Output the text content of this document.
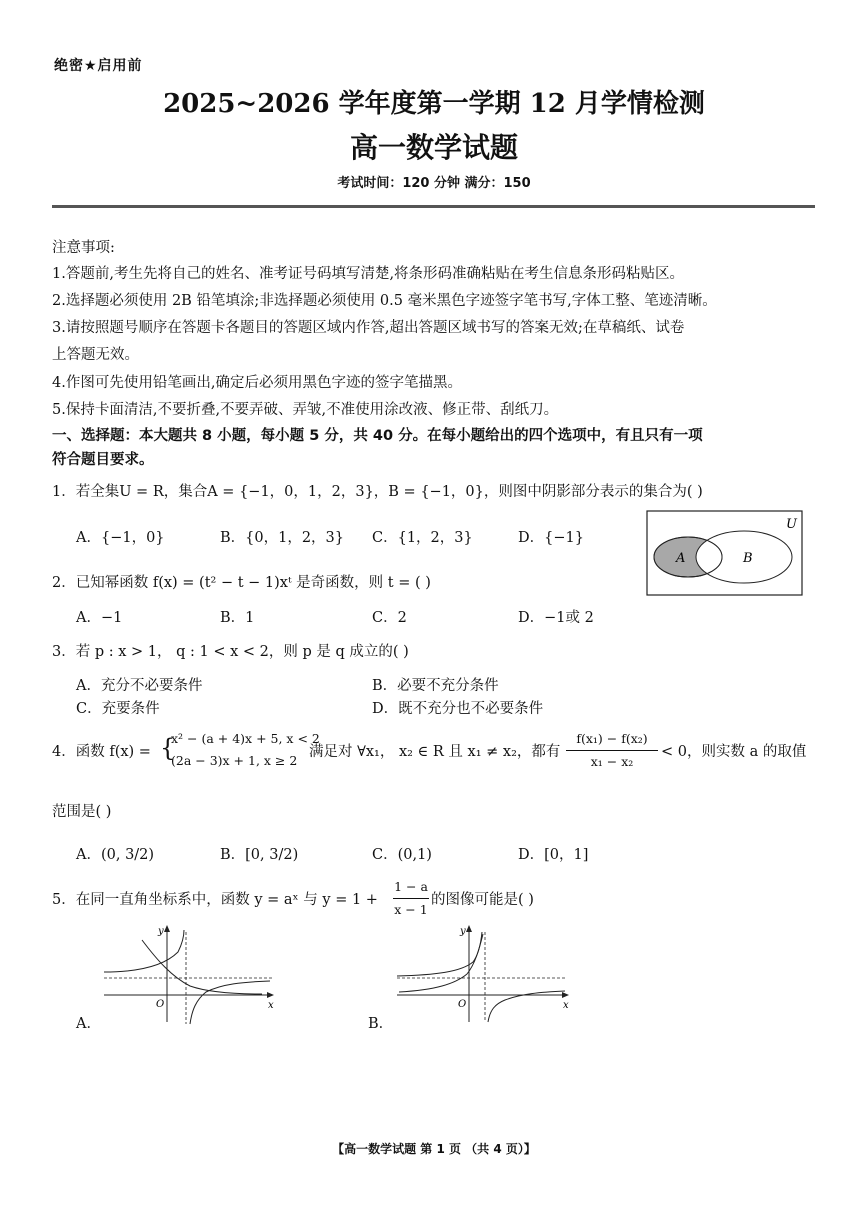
绝密★启用前
2025~2026 学年度第一学期 12 月学情检测
高一数学试题
考试时间：120 分钟 满分：150
注意事项:
1.答题前,考生先将自己的姓名、准考证号码填写清楚,将条形码准确粘贴在考生信息条形码粘贴区。
2.选择题必须使用 2B 铅笔填涂;非选择题必须使用 0.5 毫米黑色字迹签字笔书写,字体工整、笔迹清晰。
3.请按照题号顺序在答题卡各题目的答题区域内作答,超出答题区域书写的答案无效;在草稿纸、试卷
上答题无效。
4.作图可先使用铅笔画出,确定后必须用黑色字迹的签字笔描黑。
5.保持卡面清洁,不要折叠,不要弄破、弄皱,不准使用涂改液、修正带、刮纸刀。
一、选择题：本大题共 8 小题，每小题 5 分，共 40 分。在每小题给出的四个选项中，有且只有一项
符合题目要求。
1．若全集U = R，集合A = {−1，0，1，2，3}，B = {−1，0}，则图中阴影部分表示的集合为( )
A．{−1，0}	B．{0，1，2，3} C．{1，2，3}	D．{−1}
U
A	B
2．已知幂函数 f(x) = (t² − t − 1)xᵗ 是奇函数，则 t = ( )
A．−1	B．1	C．2	D．−1或 2
3．若 p : x > 1， q : 1 < x < 2，则 p 是 q 成立的( )
A．充分不必要条件	B．必要不充分条件
C．充要条件	D．既不充分也不必要条件
4．函数 f(x) = {
x² − (a + 4)x + 5, x < 2
(2a − 3)x + 1, x ≥ 2
满足对 ∀x₁， x₂ ∈ R 且 x₁ ≠ x₂，都有
f(x₁) − f(x₂)
x₁ − x₂
< 0，则实数 a 的取值
范围是( )
A．(0, 3/2)	B．[0, 3/2)	C．(0,1)	D．[0，1]
5．在同一直角坐标系中，函数 y = aˣ 与 y = 1 +
1 − a
x − 1
的图像可能是( )
A．
y
x
O
B．
y
x
O
【高一数学试题 第 1 页 （共 4 页）】
